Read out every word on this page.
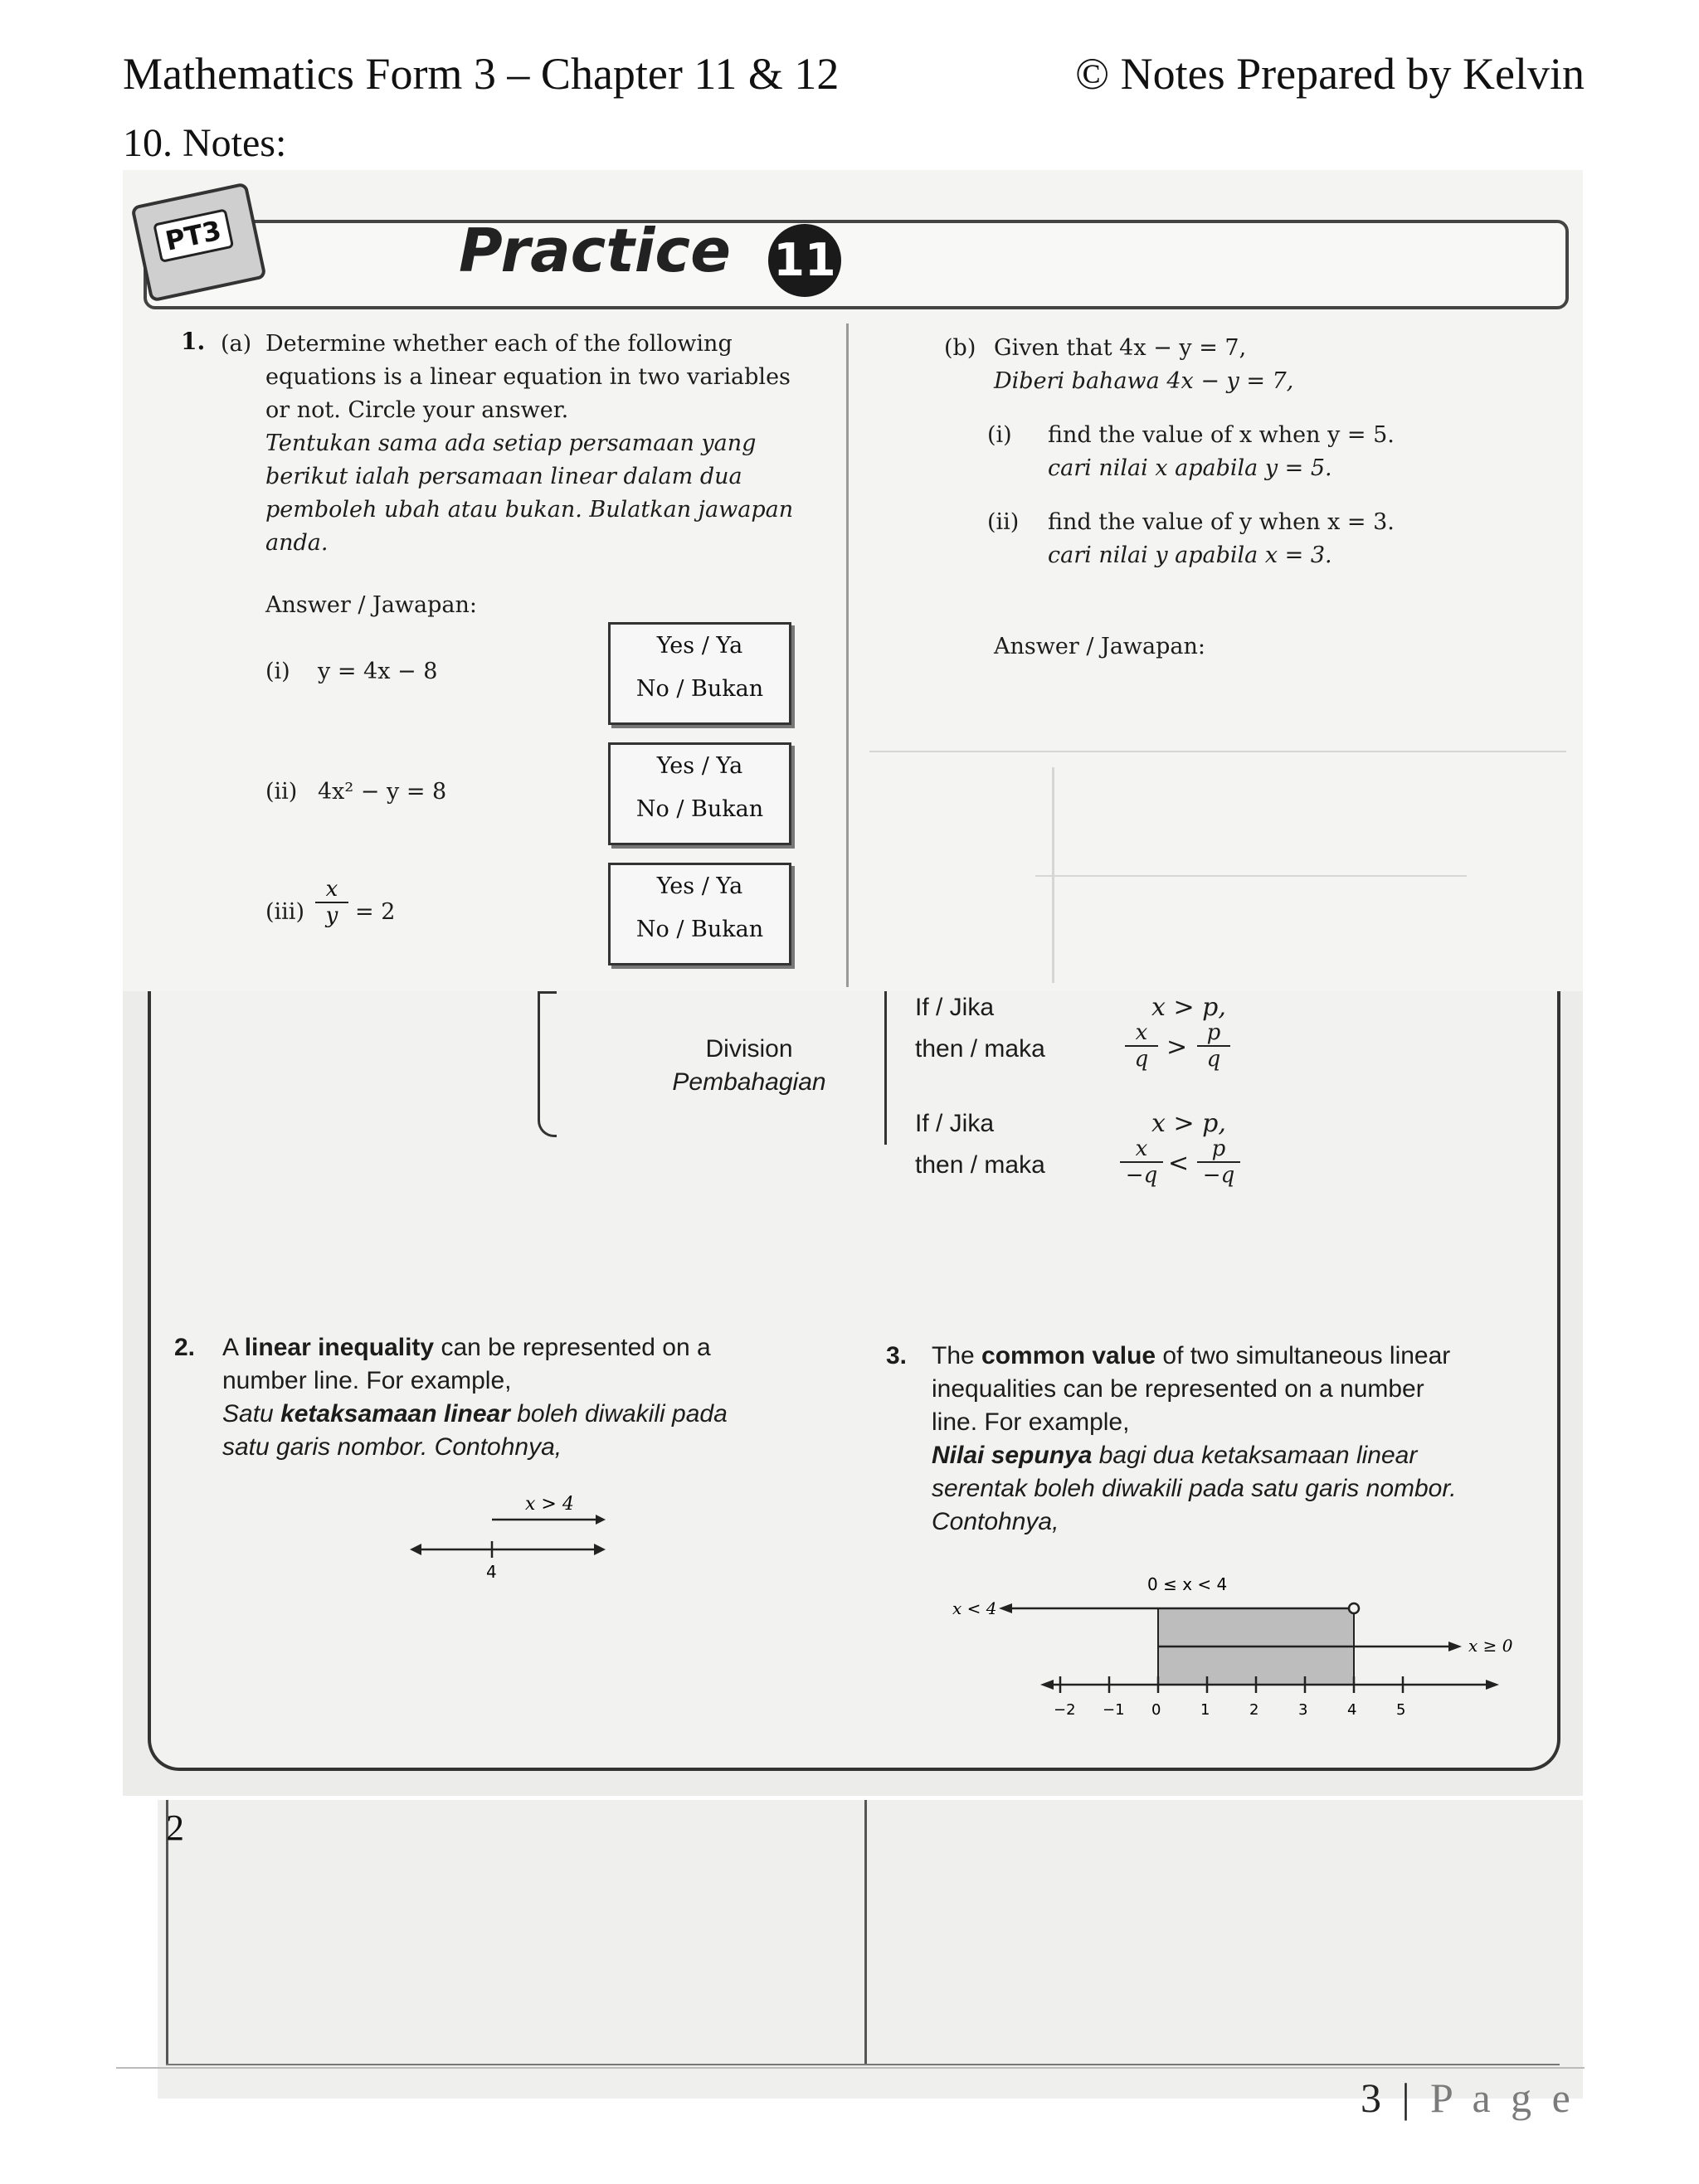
Mathematics Form 3 – Chapter 11 & 12	© Notes Prepared by Kelvin
10. Notes:
PT3	Practice 11
1. (a) Determine whether each of the following
equations is a linear equation in two variables
or not. Circle your answer.
Tentukan sama ada setiap persamaan yang
berikut ialah persamaan linear dalam dua
pemboleh ubah atau bukan. Bulatkan jawapan
anda.
Answer / Jawapan:
(i) y = 4x − 8
Yes / Ya
No / Bukan
(ii) 4x² − y = 8
Yes / Ya
No / Bukan
$(iii) \frac{x}{y} = 2$
Yes / Ya
No / Bukan
(b) Given that 4x − y = 7,
Diberi bahawa 4x − y = 7,
(i) find the value of x when y = 5.
cari nilai x apabila y = 5.
(ii) find the value of y when x = 3.
cari nilai y apabila x = 3.
Answer / Jawapan:
Division
Pembahagian
If / Jika	x > p,
then / maka	$\frac{x}{q} > \frac{p}{q}$
If / Jika	x > p,
then / maka	$\frac{x}{-q} < \frac{p}{-q}$
2. A linear inequality can be represented on a
number line. For example,
Satu ketaksamaan linear boleh diwakili pada
satu garis nombor. Contohnya,
x > 4
4
3. The common value of two simultaneous linear
inequalities can be represented on a number
line. For example,
Nilai sepunya bagi dua ketaksamaan linear
serentak boleh diwakili pada satu garis nombor.
Contohnya,
0 ≤ x < 4
x < 4
x ≥ 0
−2 −1 0	1	2	3	4	5
2
3 | P a g e
